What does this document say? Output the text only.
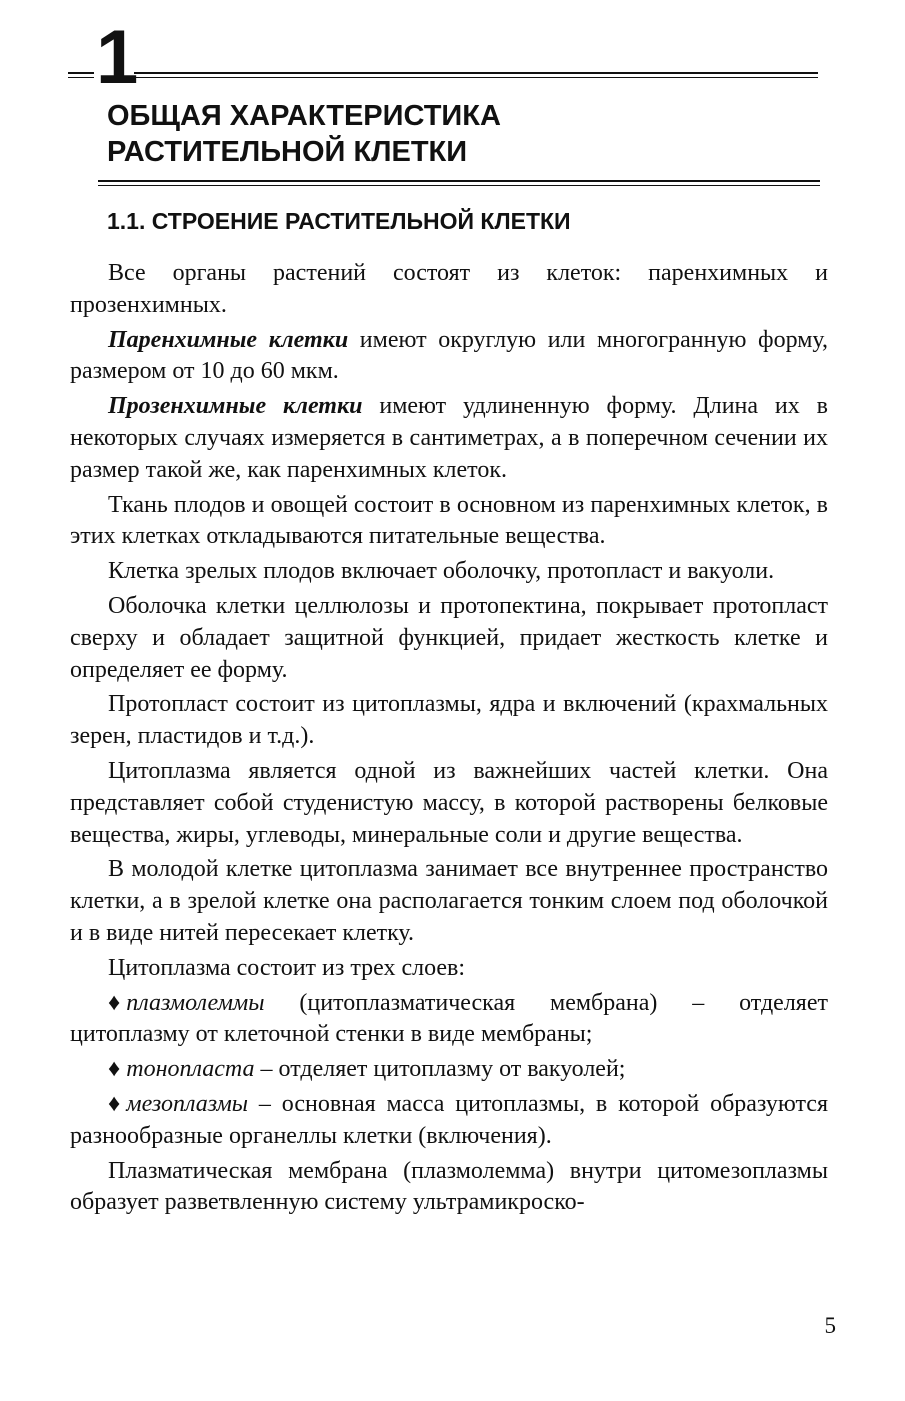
1
ОБЩАЯ ХАРАКТЕРИСТИКА
РАСТИТЕЛЬНОЙ КЛЕТКИ
1.1. СТРОЕНИЕ РАСТИТЕЛЬНОЙ КЛЕТКИ

Все органы растений состоят из клеток: паренхимных и прозенхимных.

Паренхимные клетки имеют округлую или многогранную форму, размером от 10 до 60 мкм.

Прозенхимные клетки имеют удлиненную форму. Длина их в некоторых случаях измеряется в сантиметрах, а в поперечном сечении их размер такой же, как паренхимных клеток.

Ткань плодов и овощей состоит в основном из паренхимных клеток, в этих клетках откладываются питательные вещества.

Клетка зрелых плодов включает оболочку, протопласт и вакуоли.

Оболочка клетки целлюлозы и протопектина, покрывает протопласт сверху и обладает защитной функцией, придает жесткость клетке и определяет ее форму.

Протопласт состоит из цитоплазмы, ядра и включений (крахмальных зерен, пластидов и т.д.).

Цитоплазма является одной из важнейших частей клетки. Она представляет собой студенистую массу, в которой растворены белковые вещества, жиры, углеводы, минеральные соли и другие вещества.

В молодой клетке цитоплазма занимает все внутреннее пространство клетки, а в зрелой клетке она располагается тонким слоем под оболочкой и в виде нитей пересекает клетку.

Цитоплазма состоит из трех слоев:

♦ плазмолеммы (цитоплазматическая мембрана) – отделяет цитоплазму от клеточной стенки в виде мембраны;

♦ тонопласта – отделяет цитоплазму от вакуолей;

♦ мезоплазмы – основная масса цитоплазмы, в которой образуются разнообразные органеллы клетки (включения).

Плазматическая мембрана (плазмолемма) внутри цитомезоплазмы образует разветвленную систему ультрамикроско-

5
